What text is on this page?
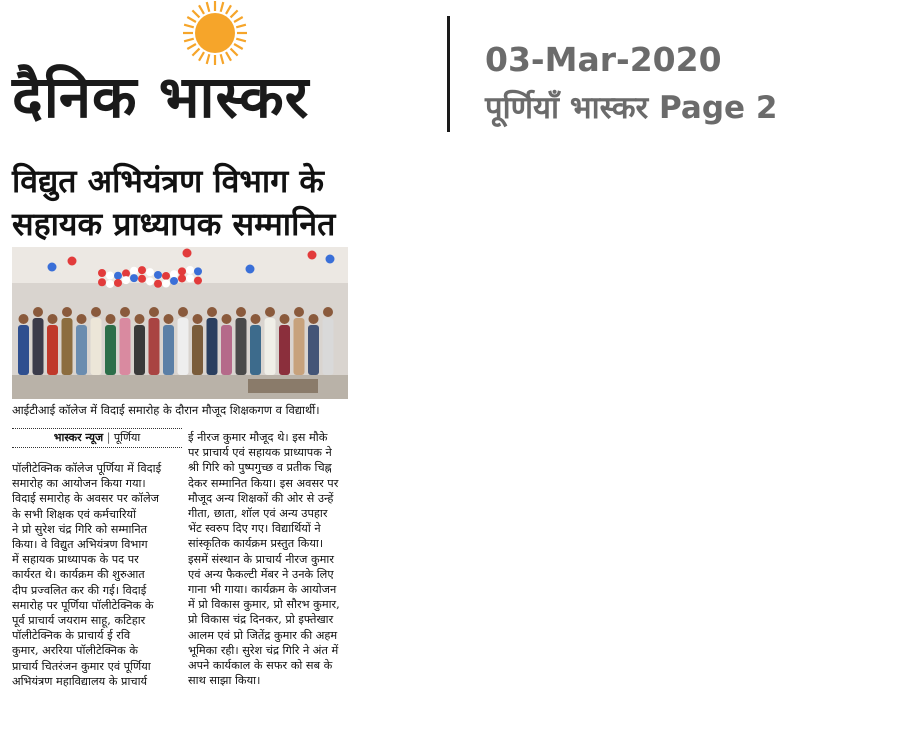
दैनिक भास्कर
03-Mar-2020
पूर्णियाँ भास्कर Page 2
विद्युत अभियंत्रण विभाग के
सहायक प्राध्यापक सम्मानित
आईटीआई कॉलेज में विदाई समारोह के दौरान मौजूद शिक्षकगण व विद्यार्थी।
भास्कर न्यूज | पूर्णिया
पॉलीटेक्निक कॉलेज पूर्णिया में विदाई
समारोह का आयोजन किया गया।
विदाई समारोह के अवसर पर कॉलेज
के सभी शिक्षक एवं कर्मचारियों
ने प्रो सुरेश चंद्र गिरि को सम्मानित
किया। वे विद्युत अभियंत्रण विभाग
में सहायक प्राध्यापक के पद पर
कार्यरत थे। कार्यक्रम की शुरुआत
दीप प्रज्वलित कर की गई। विदाई
समारोह पर पूर्णिया पॉलीटेक्निक के
पूर्व प्राचार्य जयराम साहू, कटिहार
पॉलीटेक्निक के प्राचार्य ई रवि
कुमार, अररिया पॉलीटेक्निक के
प्राचार्य चितरंजन कुमार एवं पूर्णिया
अभियंत्रण महाविद्यालय के प्राचार्य
ई नीरज कुमार मौजूद थे। इस मौके
पर प्राचार्य एवं सहायक प्राध्यापक ने
श्री गिरि को पुष्पगुच्छ व प्रतीक चिह्न
देकर सम्मानित किया। इस अवसर पर
मौजूद अन्य शिक्षकों की ओर से उन्हें
गीता, छाता, शॉल एवं अन्य उपहार
भेंट स्वरुप दिए गए। विद्यार्थियों ने
सांस्कृतिक कार्यक्रम प्रस्तुत किया।
इसमें संस्थान के प्राचार्य नीरज कुमार
एवं अन्य फैकल्टी मेंबर ने उनके लिए
गाना भी गाया। कार्यक्रम के आयोजन
में प्रो विकास कुमार, प्रो सौरभ कुमार,
प्रो विकास चंद्र दिनकर, प्रो इफ्तेखार
आलम एवं प्रो जितेंद्र कुमार की अहम
भूमिका रही। सुरेश चंद्र गिरि ने अंत में
अपने कार्यकाल के सफर को सब के
साथ साझा किया।
